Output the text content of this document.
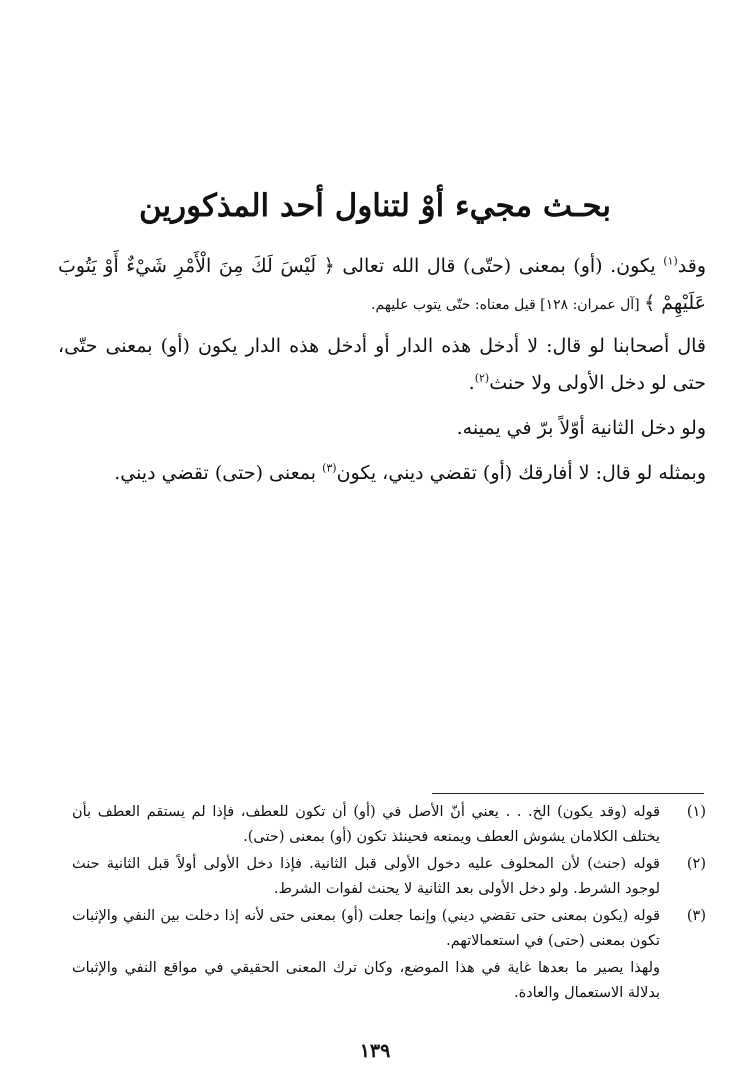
بحـث مجيء أوْ لتناول أحد المذكورين

وقد$^{(١)}$ يكون. (أو) بمعنى (حتّى) قال الله تعالى ﴿ لَيْسَ لَكَ مِنَ الْأَمْرِ شَيْءٌ أَوْ يَتُوبَ عَلَيْهِمْ ﴾ [آل عمران: ١٢٨] قيل معناه: حتّى يتوب عليهم.

قال أصحابنا لو قال: لا أدخل هذه الدار أو أدخل هذه الدار يكون (أو) بمعنى حتّى، حتى لو دخل الأولى ولا حنث$^{(٢)}$.

ولو دخل الثانية أوّلاً برّ في يمينه.

وبمثله لو قال: لا أفارقك (أو) تقضي ديني، يكون$^{(٣)}$ بمعنى (حتى) تقضي ديني.

(١)
قوله (وقد يكون) الخ. . . يعني أنّ الأصل في (أو) أن تكون للعطف، فإذا لم يستقم العطف بأن يختلف الكلامان يشوش العطف ويمنعه فحينئذ تكون (أو) بمعنى (حتى).
(٢)
قوله (حنث) لأن المحلوف عليه دخول الأولى قبل الثانية. فإذا دخل الأولى أولاً قبل الثانية حنث لوجود الشرط. ولو دخل الأولى بعد الثانية لا يحنث لفوات الشرط.
(٣)
قوله (يكون بمعنى حتى تقضي ديني) وإنما جعلت (أو) بمعنى حتى لأنه إذا دخلت بين النفي والإثبات تكون بمعنى (حتى) في استعمالاتهم.

ولهذا يصير ما بعدها غاية في هذا الموضع، وكان ترك المعنى الحقيقي في مواقع النفي والإثبات بدلالة الاستعمال والعادة.

١٣٩
